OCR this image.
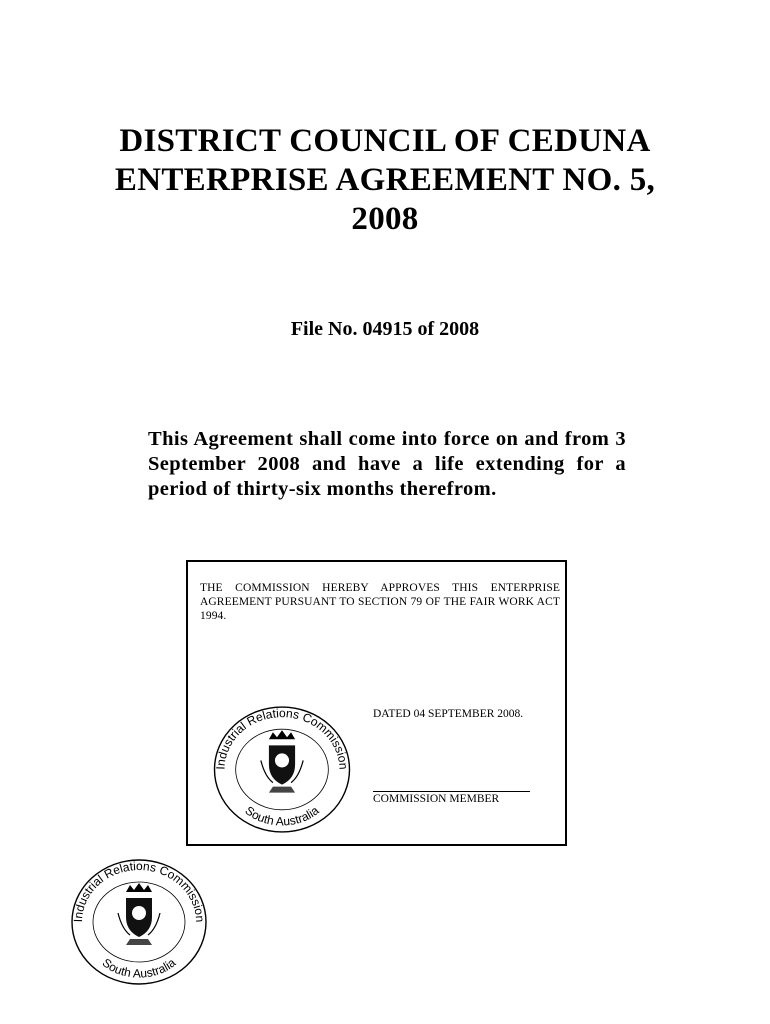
DISTRICT COUNCIL OF CEDUNA
ENTERPRISE AGREEMENT NO. 5,
2008
File No. 04915 of 2008

This Agreement shall come into force on and from 3 September 2008 and have a life extending for a period of thirty-six months therefrom.

THE COMMISSION HEREBY APPROVES THIS ENTERPRISE AGREEMENT PURSUANT TO SECTION 79 OF THE FAIR WORK ACT 1994.

DATED 04 SEPTEMBER 2008.

COMMISSION MEMBER

Industrial Relations Commission
South Australia
Industrial Relations Commission
South Australia
